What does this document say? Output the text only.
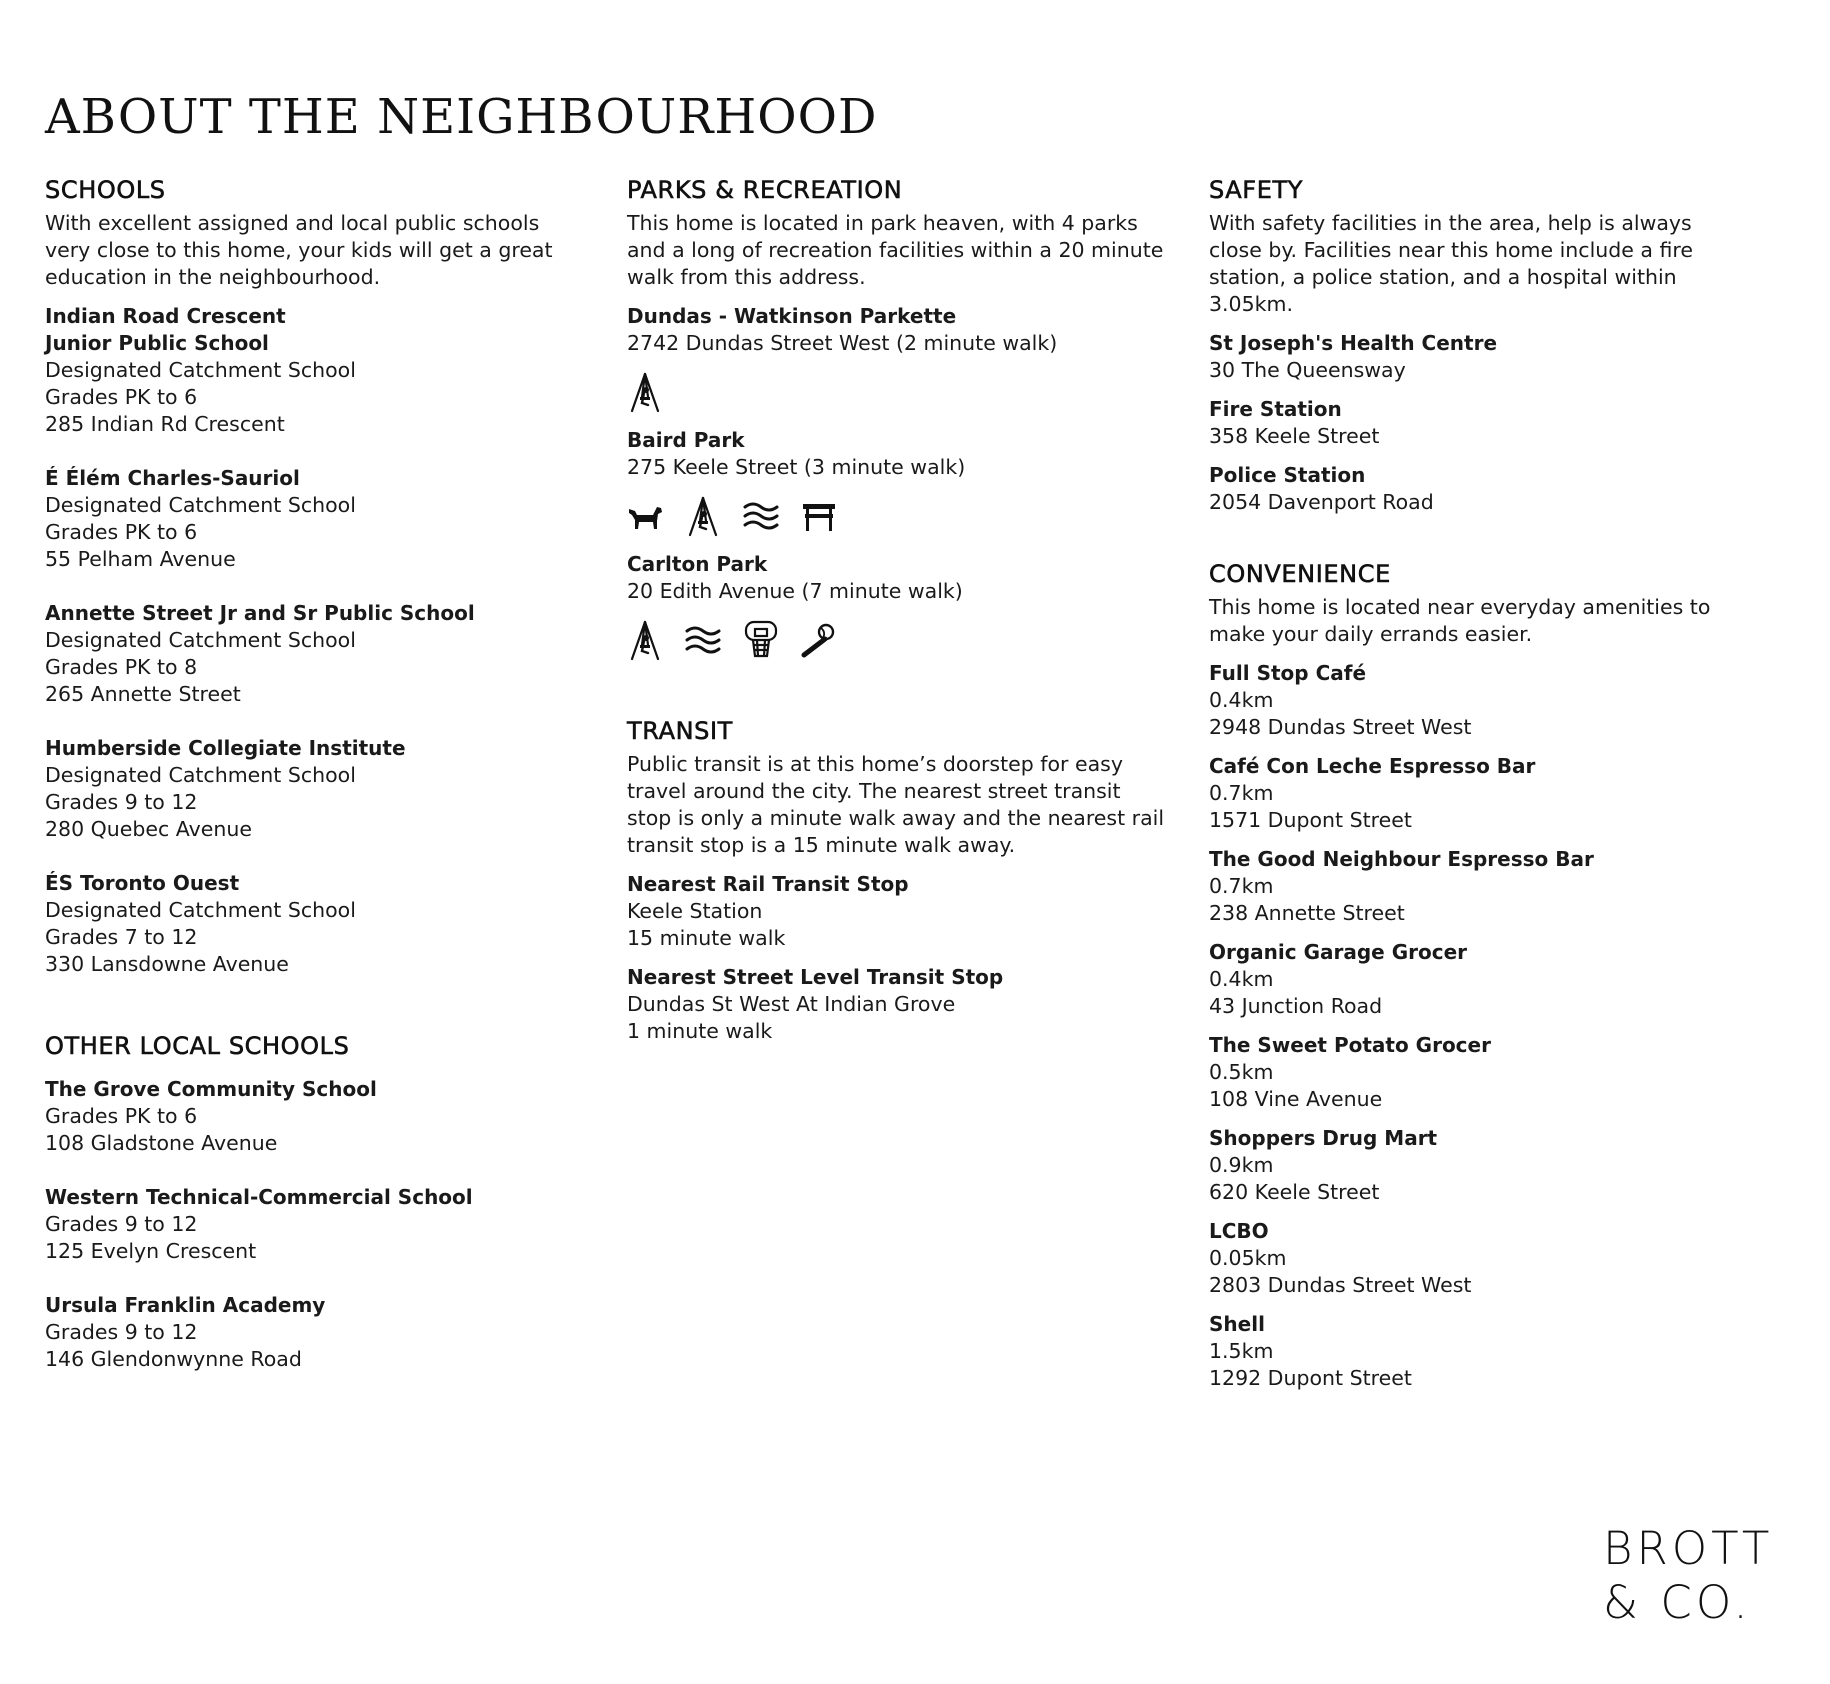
ABOUT THE NEIGHBOURHOOD
SCHOOLS

With excellent assigned and local public schools very close to this home, your kids will get a great education in the neighbourhood.

Indian Road Crescent
Junior Public School
Designated Catchment School
Grades PK to 6
285 Indian Rd Crescent
É Élém Charles-Sauriol
Designated Catchment School
Grades PK to 6
55 Pelham Avenue
Annette Street Jr and Sr Public School
Designated Catchment School
Grades PK to 8
265 Annette Street
Humberside Collegiate Institute
Designated Catchment School
Grades 9 to 12
280 Quebec Avenue
ÉS Toronto Ouest
Designated Catchment School
Grades 7 to 12
330 Lansdowne Avenue
OTHER LOCAL SCHOOLS
The Grove Community School
Grades PK to 6
108 Gladstone Avenue
Western Technical-Commercial School
Grades 9 to 12
125 Evelyn Crescent
Ursula Franklin Academy
Grades 9 to 12
146 Glendonwynne Road
PARKS & RECREATION

This home is located in park heaven, with 4 parks and a long of recreation facilities within a 20 minute walk from this address.

Dundas - Watkinson Parkette
2742 Dundas Street West (2 minute walk)
Baird Park
275 Keele Street (3 minute walk)
Carlton Park
20 Edith Avenue (7 minute walk)
TRANSIT

Public transit is at this home’s doorstep for easy travel around the city. The nearest street transit stop is only a minute walk away and the nearest rail transit stop is a 15 minute walk away.

Nearest Rail Transit Stop
Keele Station
15 minute walk
Nearest Street Level Transit Stop
Dundas St West At Indian Grove
1 minute walk
SAFETY

With safety facilities in the area, help is always close by. Facilities near this home include a fire station, a police station, and a hospital within 3.05km.

St Joseph's Health Centre
30 The Queensway
Fire Station
358 Keele Street
Police Station
2054 Davenport Road
CONVENIENCE

This home is located near everyday amenities to make your daily errands easier.

Full Stop Café
0.4km
2948 Dundas Street West
Café Con Leche Espresso Bar
0.7km
1571 Dupont Street
The Good Neighbour Espresso Bar
0.7km
238 Annette Street
Organic Garage Grocer
0.4km
43 Junction Road
The Sweet Potato Grocer
0.5km
108 Vine Avenue
Shoppers Drug Mart
0.9km
620 Keele Street
LCBO
0.05km
2803 Dundas Street West
Shell
1.5km
1292 Dupont Street
BROTT
& CO.
